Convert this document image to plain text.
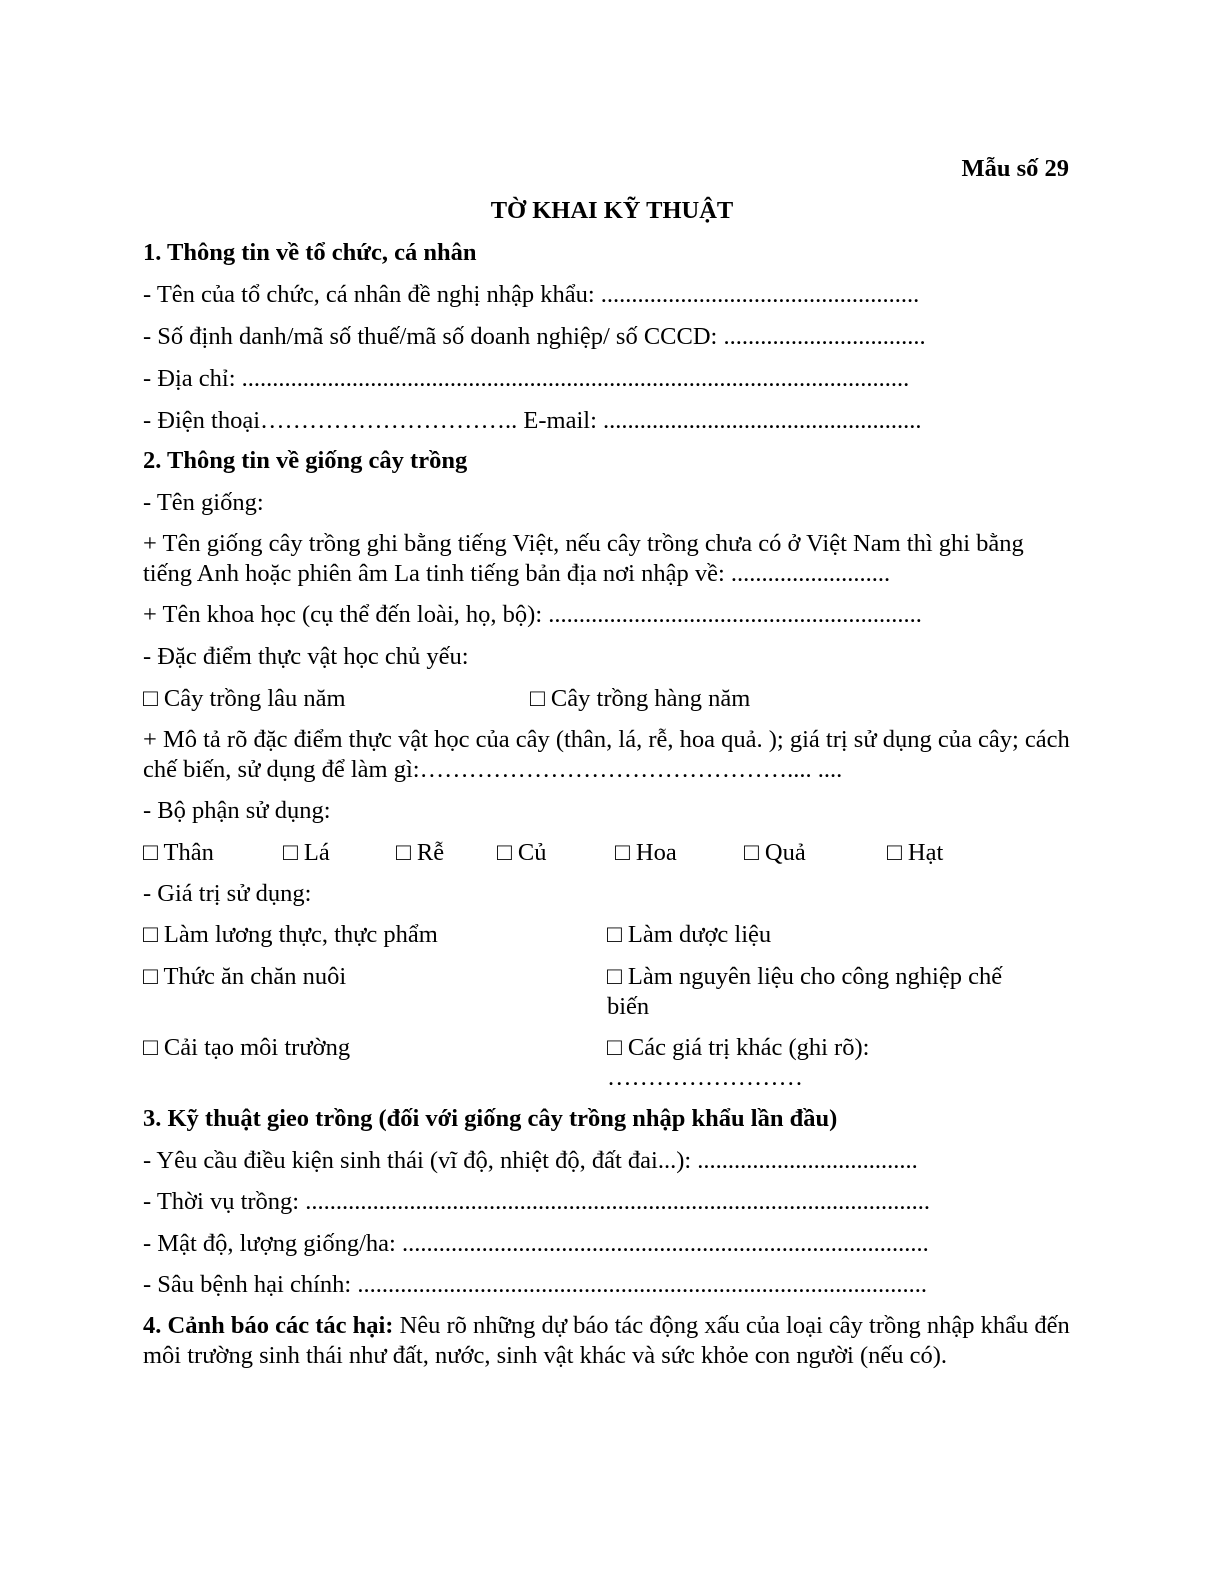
Mẫu số 29
TỜ KHAI KỸ THUẬT
1. Thông tin về tổ chức, cá nhân
- Tên của tổ chức, cá nhân đề nghị nhập khẩu: ....................................................
- Số định danh/mã số thuế/mã số doanh nghiệp/ số CCCD: .................................
- Địa chỉ: .............................................................................................................
- Điện thoại………………………….. E-mail: ....................................................
2. Thông tin về giống cây trồng
- Tên giống:
+ Tên giống cây trồng ghi bằng tiếng Việt, nếu cây trồng chưa có ở Việt Nam thì ghi bằng tiếng Anh hoặc phiên âm La tinh tiếng bản địa nơi nhập về: ..........................
+ Tên khoa học (cụ thể đến loài, họ, bộ): .............................................................
- Đặc điểm thực vật học chủ yếu:
□ Cây trồng lâu năm	□ Cây trồng hàng năm
+ Mô tả rõ đặc điểm thực vật học của cây (thân, lá, rễ, hoa quả. ); giá trị sử dụng của cây; cách chế biến, sử dụng để làm gì:……………………………………….... ....
- Bộ phận sử dụng:
□ Thân	□ Lá	□ Rễ □ Củ	□ Hoa	□ Quả	□ Hạt
- Giá trị sử dụng:
□ Làm lương thực, thực phẩm	□ Làm dược liệu
□ Thức ăn chăn nuôi	□ Làm nguyên liệu cho công nghiệp chế biến
□ Cải tạo môi trường	□ Các giá trị khác (ghi rõ): ……………………
3. Kỹ thuật gieo trồng (đối với giống cây trồng nhập khẩu lần đầu)
- Yêu cầu điều kiện sinh thái (vĩ độ, nhiệt độ, đất đai...): ....................................
- Thời vụ trồng: ......................................................................................................
- Mật độ, lượng giống/ha: ......................................................................................
- Sâu bệnh hại chính: .............................................................................................
4. Cảnh báo các tác hại: Nêu rõ những dự báo tác động xấu của loại cây trồng nhập khẩu đến môi trường sinh thái như đất, nước, sinh vật khác và sức khỏe con người (nếu có).
